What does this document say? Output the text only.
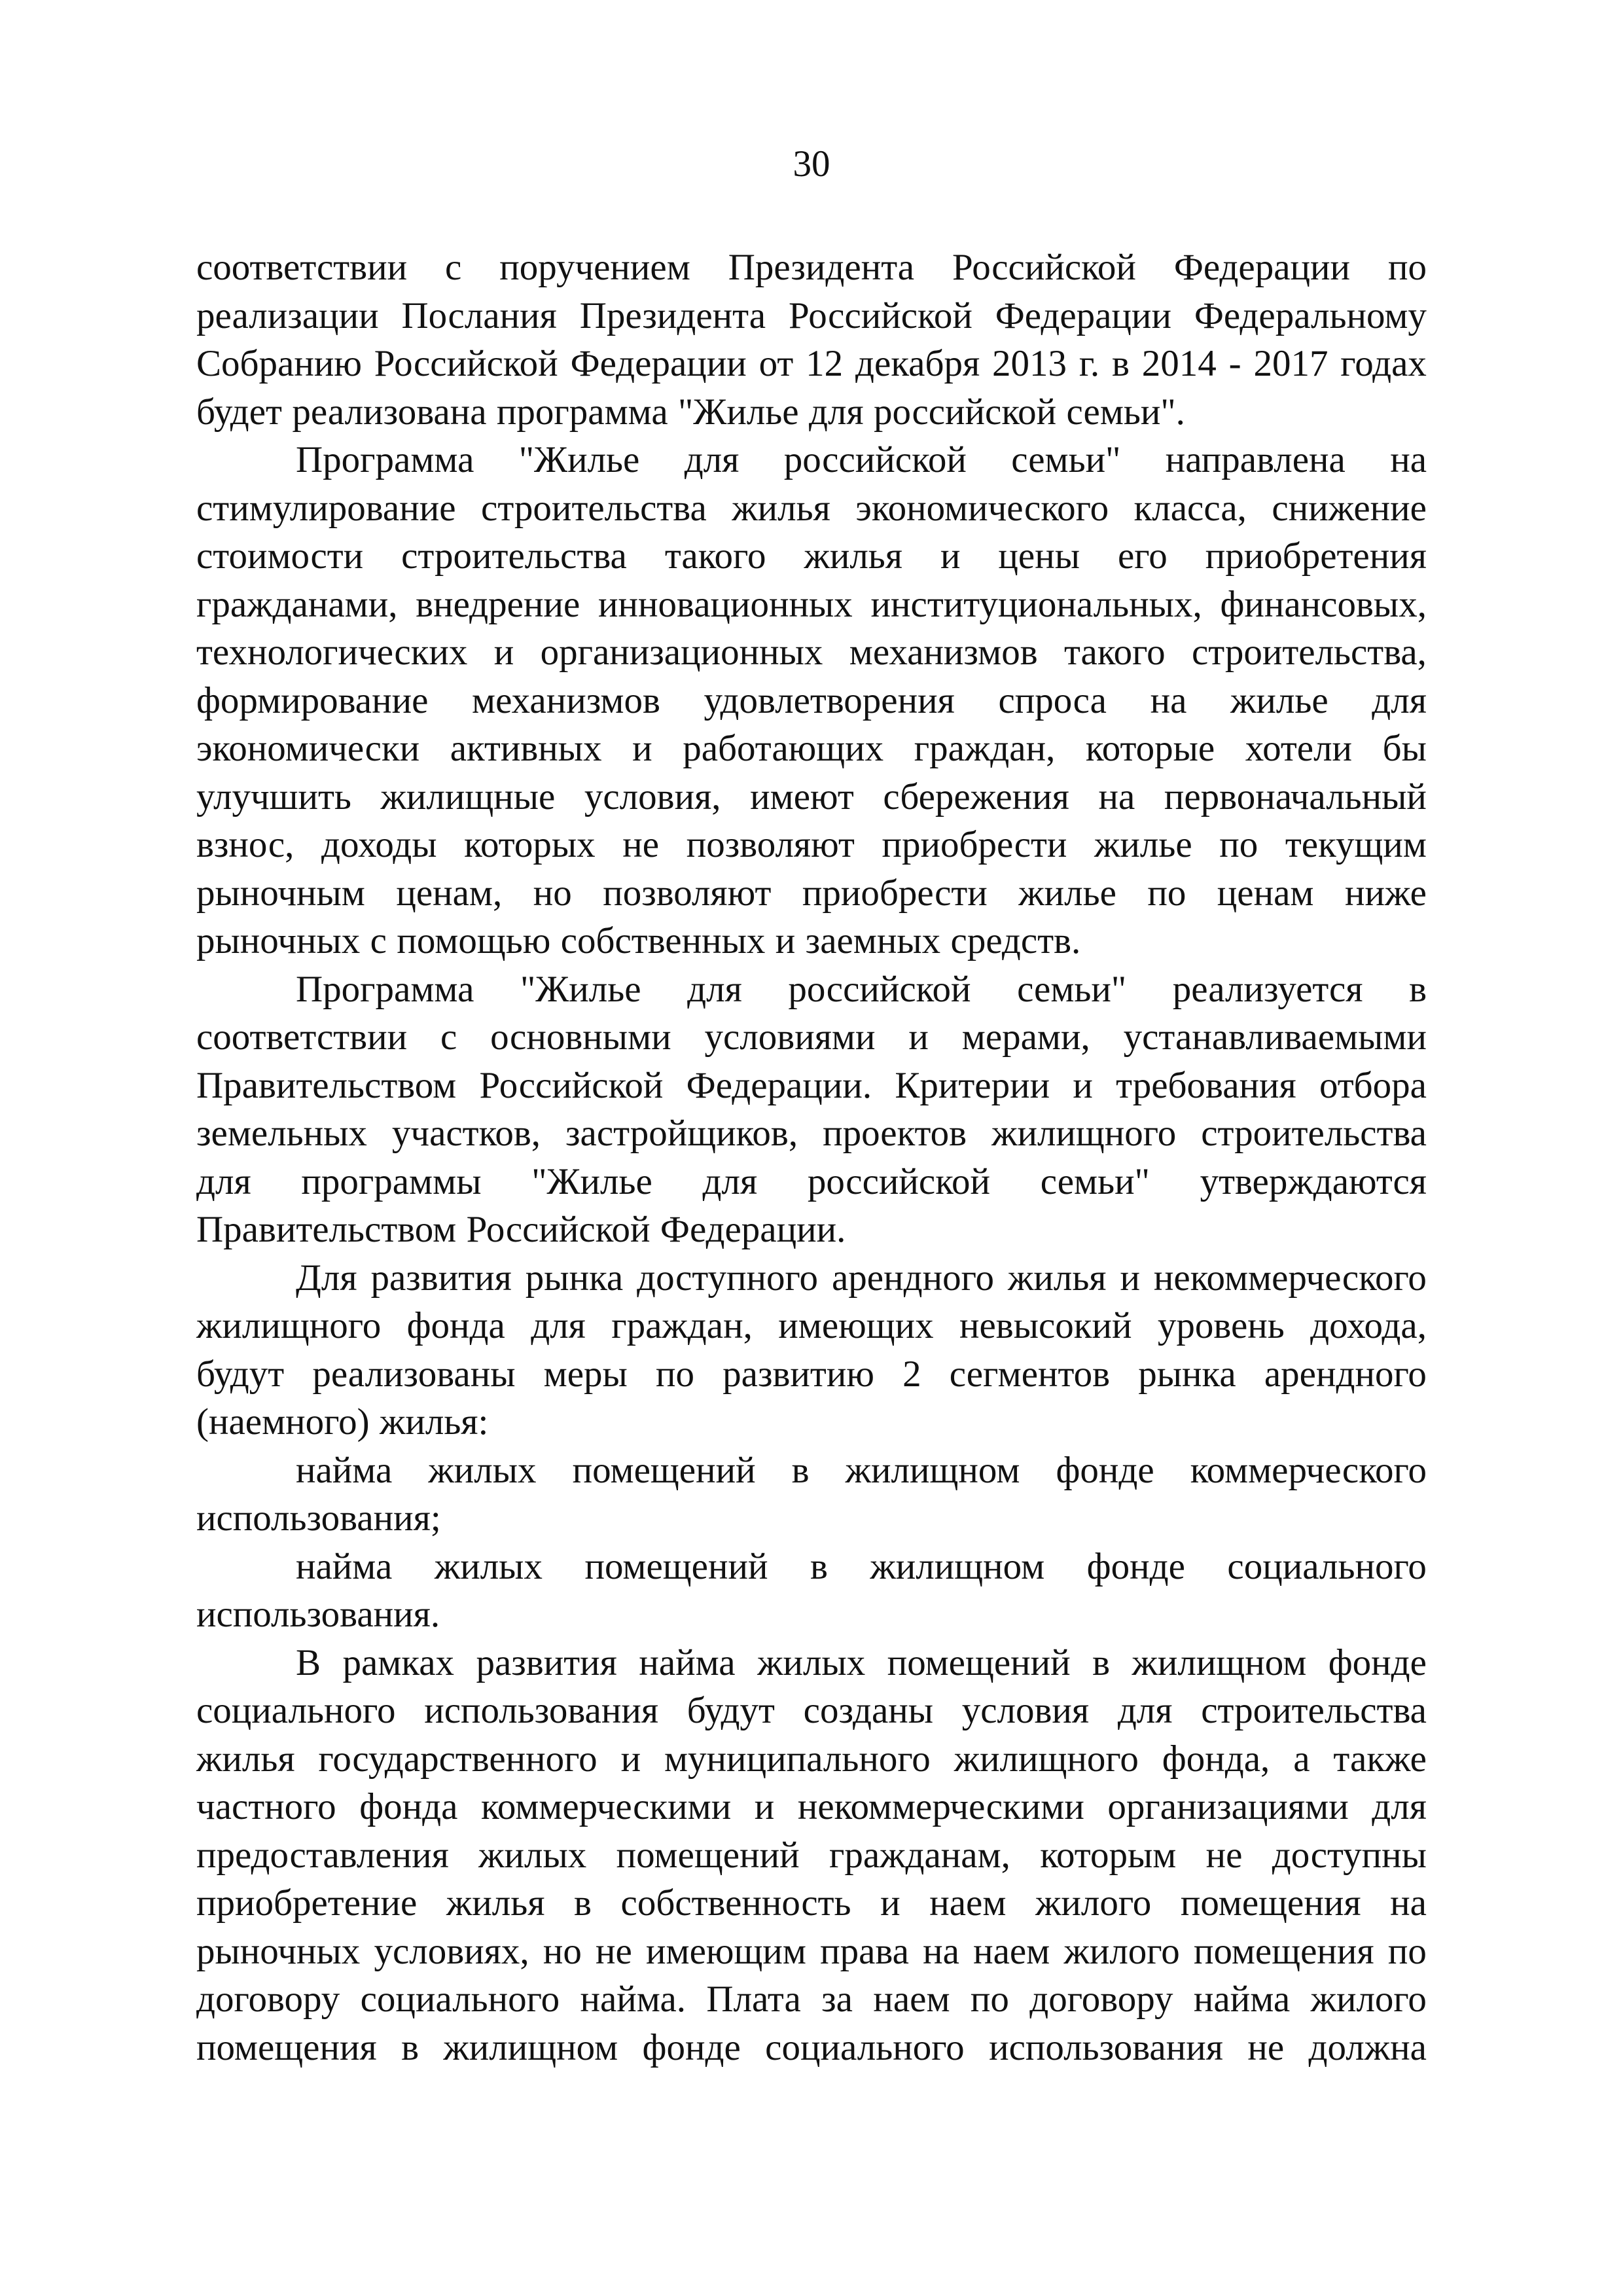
30
соответствии с поручением Президента Российской Федерации по
реализации Послания Президента Российской Федерации Федеральному
Собранию Российской Федерации от 12 декабря 2013 г. в 2014 - 2017 годах
будет реализована программа "Жилье для российской семьи".
Программа "Жилье для российской семьи" направлена на
стимулирование строительства жилья экономического класса, снижение
стоимости строительства такого жилья и цены его приобретения
гражданами, внедрение инновационных институциональных, финансовых,
технологических и организационных механизмов такого строительства,
формирование механизмов удовлетворения спроса на жилье для
экономически активных и работающих граждан, которые хотели бы
улучшить жилищные условия, имеют сбережения на первоначальный
взнос, доходы которых не позволяют приобрести жилье по текущим
рыночным ценам, но позволяют приобрести жилье по ценам ниже
рыночных с помощью собственных и заемных средств.
Программа "Жилье для российской семьи" реализуется в
соответствии с основными условиями и мерами, устанавливаемыми
Правительством Российской Федерации. Критерии и требования отбора
земельных участков, застройщиков, проектов жилищного строительства
для программы "Жилье для российской семьи" утверждаются
Правительством Российской Федерации.
Для развития рынка доступного арендного жилья и некоммерческого
жилищного фонда для граждан, имеющих невысокий уровень дохода,
будут реализованы меры по развитию 2 сегментов рынка арендного
(наемного) жилья:
найма жилых помещений в жилищном фонде коммерческого
использования;
найма жилых помещений в жилищном фонде социального
использования.
В рамках развития найма жилых помещений в жилищном фонде
социального использования будут созданы условия для строительства
жилья государственного и муниципального жилищного фонда, а также
частного фонда коммерческими и некоммерческими организациями для
предоставления жилых помещений гражданам, которым не доступны
приобретение жилья в собственность и наем жилого помещения на
рыночных условиях, но не имеющим права на наем жилого помещения по
договору социального найма. Плата за наем по договору найма жилого
помещения в жилищном фонде социального использования не должна
